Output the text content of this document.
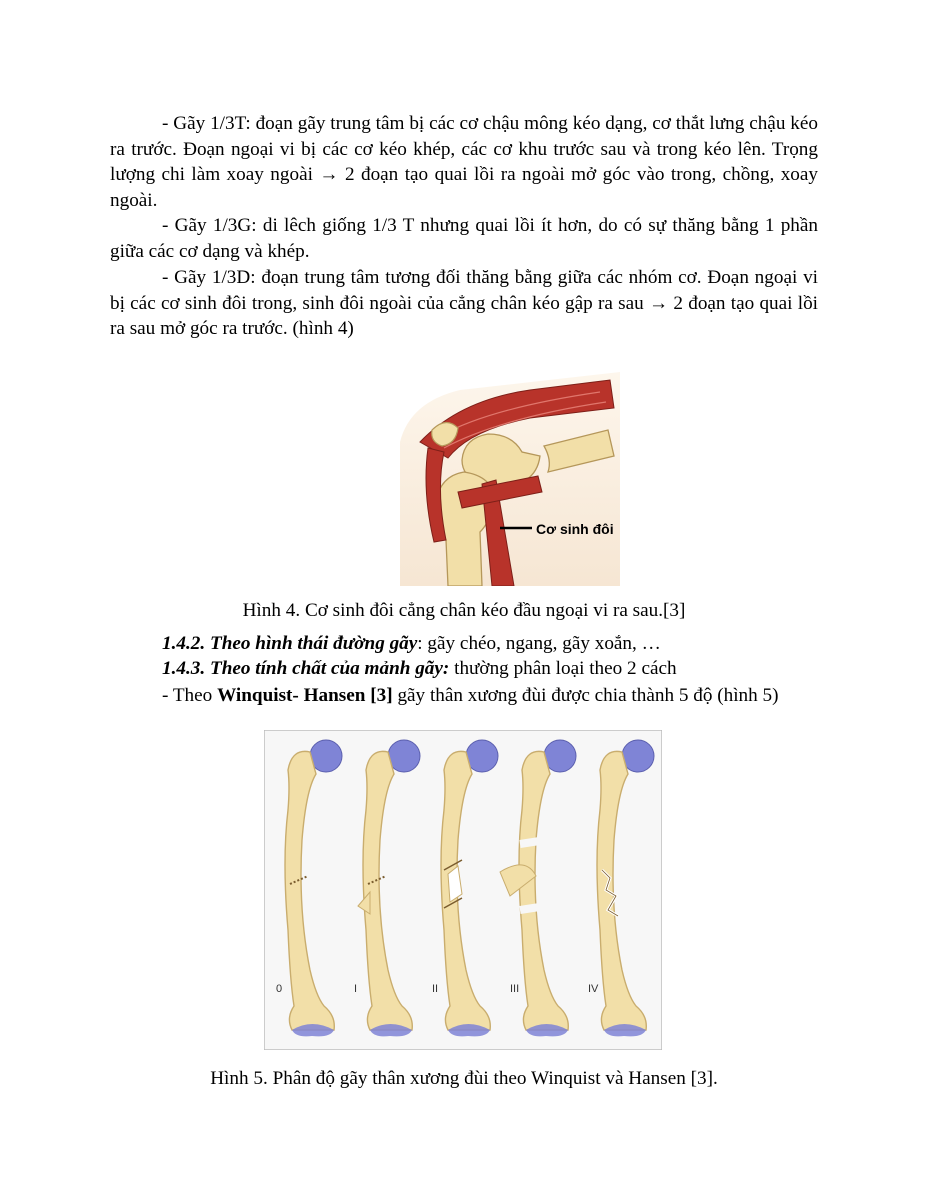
- Gãy 1/3T: đoạn gãy trung tâm bị các cơ chậu mông kéo dạng, cơ thắt lưng chậu kéo ra trước. Đoạn ngoại vi bị các cơ kéo khép, các cơ khu trước sau và trong kéo lên. Trọng lượng chi làm xoay ngoài → 2 đoạn tạo quai lồi ra ngoài mở góc vào trong, chồng, xoay ngoài.

- Gãy 1/3G: di lêch giống 1/3 T nhưng quai lồi ít hơn, do có sự thăng bằng 1 phần giữa các cơ dạng và khép.

- Gãy 1/3D: đoạn trung tâm tương đối thăng bằng giữa các nhóm cơ. Đoạn ngoại vi bị các cơ sinh đôi trong, sinh đôi ngoài của cẳng chân kéo gập ra sau → 2 đoạn tạo quai lồi ra sau mở góc ra trước. (hình 4)

Cơ sinh đôi
Hình 4. Cơ sinh đôi cẳng chân kéo đầu ngoại vi ra sau.[3]
1.4.2. Theo hình thái đường gãy: gãy chéo, ngang, gãy xoắn, …
1.4.3. Theo tính chất của mảnh gãy: thường phân loại theo 2 cách
- Theo Winquist- Hansen [3] gãy thân xương đùi được chia thành 5 độ (hình 5)
0	I	II	III	IV
Hình 5. Phân độ gãy thân xương đùi theo Winquist và Hansen [3].
